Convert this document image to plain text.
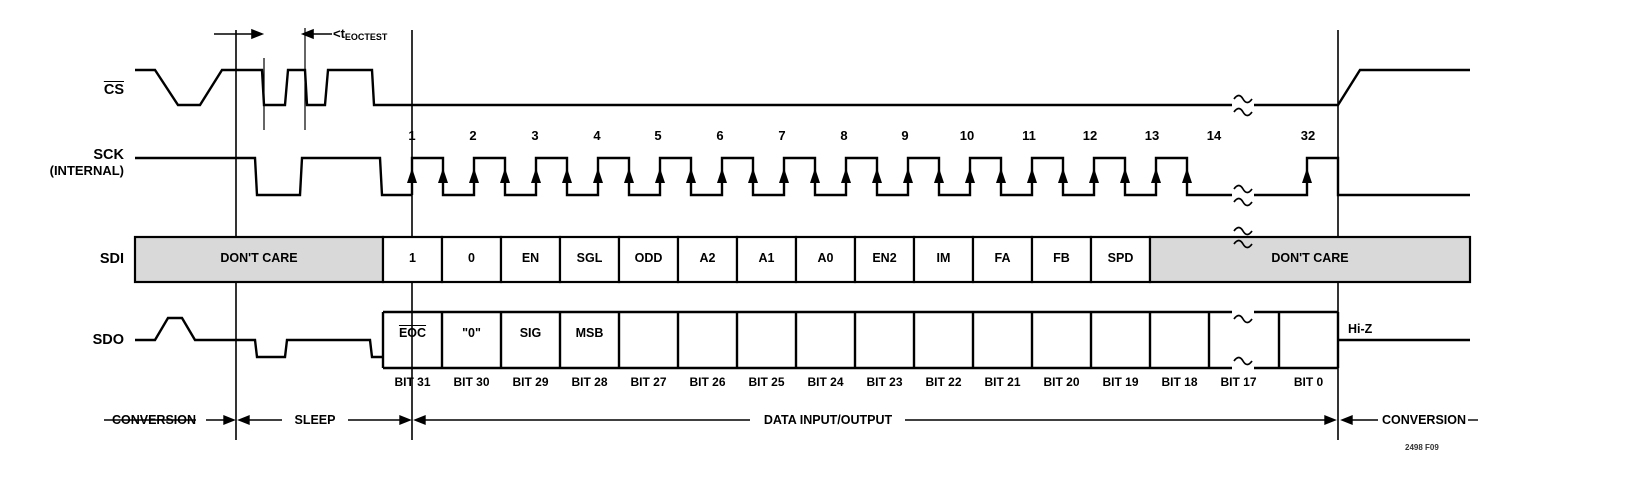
$\overline{CS}$
SCK
(INTERNAL)
SDI
SDO
<tEOCTEST
1	2	3	4	5	6	7	8	9	10	11	12	13	14	32
DON'T CARE	1	0	EN	SGL	ODD	A2	A1	A0	EN2	IM	FA	FB	SPD	DON'T CARE
$\overline{EOC}$	"0"	SIG	MSB	Hi-Z
BIT 31	BIT 30	BIT 29	BIT 28	BIT 27	BIT 26	BIT 25	BIT 24	BIT 23	BIT 22	BIT 21	BIT 20	BIT 19	BIT 18	BIT 17	BIT 0
CONVERSION	SLEEP	DATA INPUT/OUTPUT	CONVERSION
2498 F09
